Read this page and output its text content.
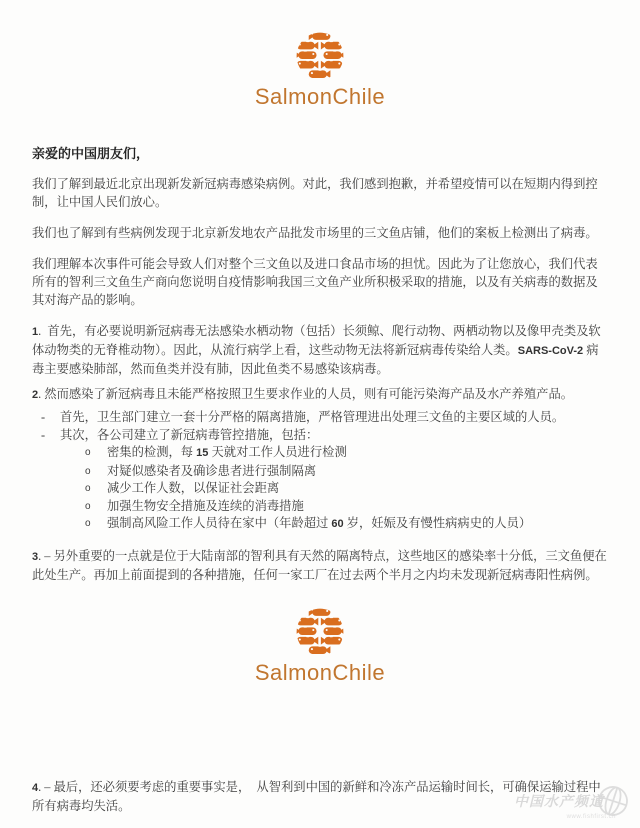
SalmonChile
亲爱的中国朋友们，

我们了解到最近北京出现新发新冠病毒感染病例。对此，我们感到抱歉，并希望疫情可以在短期内得到控制，让中国人民们放心。

我们也了解到有些病例发现于北京新发地农产品批发市场里的三文鱼店铺，他们的案板上检测出了病毒。

我们理解本次事件可能会导致人们对整个三文鱼以及进口食品市场的担忧。因此为了让您放心，我们代表所有的智利三文鱼生产商向您说明自疫情影响我国三文鱼产业所积极采取的措施，以及有关病毒的数据及其对海产品的影响。

1. 首先，有必要说明新冠病毒无法感染水栖动物（包括）长须鲸、爬行动物、两栖动物以及像甲壳类及软体动物类的无脊椎动物）。因此，从流行病学上看，这些动物无法将新冠病毒传染给人类。SARS-CoV-2 病毒主要感染肺部，然而鱼类并没有肺，因此鱼类不易感染该病毒。

2. 然而感染了新冠病毒且未能严格按照卫生要求作业的人员，则有可能污染海产品及水产养殖产品。

-	首先，卫生部门建立一套十分严格的隔离措施，严格管理进出处理三文鱼的主要区域的人员。
-	其次，各公司建立了新冠病毒管控措施，包括：
o	密集的检测，每 15 天就对工作人员进行检测
o	对疑似感染者及确诊患者进行强制隔离
o	减少工作人数，以保证社会距离
o	加强生物安全措施及连续的消毒措施
o	强制高风险工作人员待在家中（年龄超过 60 岁，妊娠及有慢性病病史的人员）

3. – 另外重要的一点就是位于大陆南部的智利具有天然的隔离特点，这些地区的感染率十分低，三文鱼便在此处生产。再加上前面提到的各种措施，任何一家工厂在过去两个半月之内均未发现新冠病毒阳性病例。

SalmonChile

4. – 最后，还必须要考虑的重要事实是， 从智利到中国的新鲜和冷冻产品运输时间长，可确保运输过程中所有病毒均失活。	中国水产频道
www.fishfirst.cn
